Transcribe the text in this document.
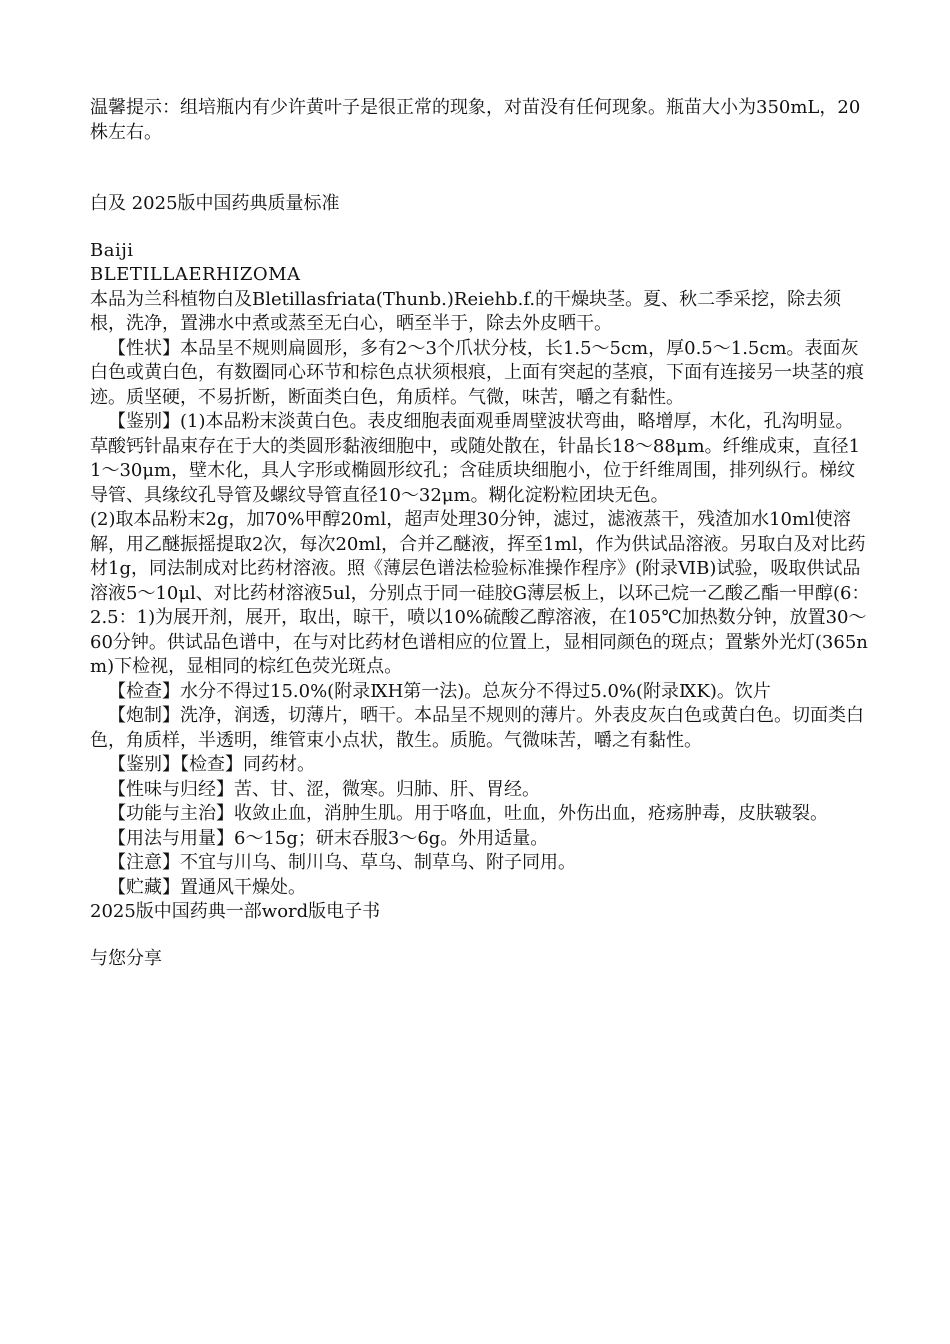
温馨提示：组培瓶内有少许黄叶子是很正常的现象，对苗没有任何现象。瓶苗大小为350mL，20株左右。

白及 2025版中国药典质量标准

Baiji

BLETILLAERHIZOMA

本品为兰科植物白及Bletillasfriata(Thunb.)Reiehb.f.的干燥块茎。夏、秋二季采挖，除去须根，洗净，置沸水中煮或蒸至无白心，晒至半于，除去外皮晒干。

【性状】本品呈不规则扁圆形，多有2～3个爪状分枝，长1.5～5cm，厚0.5～1.5cm。表面灰白色或黄白色，有数圈同心环节和棕色点状须根痕，上面有突起的茎痕，下面有连接另一块茎的痕迹。质坚硬，不易折断，断面类白色，角质样。气微，味苦，嚼之有黏性。

【鉴别】(1)本品粉末淡黄白色。表皮细胞表面观垂周壁波状弯曲，略增厚，木化，孔沟明显。草酸钙针晶束存在于大的类圆形黏液细胞中，或随处散在，针晶长18～88μm。纤维成束，直径11～30μm，壁木化，具人字形或椭圆形纹孔；含硅质块细胞小，位于纤维周围，排列纵行。梯纹导管、具缘纹孔导管及螺纹导管直径10～32μm。糊化淀粉粒团块无色。

(2)取本品粉末2g，加70%甲醇20ml，超声处理30分钟，滤过，滤液蒸干，残渣加水10ml使溶解，用乙醚振摇提取2次，每次20ml，合并乙醚液，挥至1ml，作为供试品溶液。另取白及对比药材1g，同法制成对比药材溶液。照《薄层色谱法检验标准操作程序》(附录ⅥB)试验，吸取供试品溶液5～10μl、对比药材溶液5ul，分别点于同一硅胶G薄层板上，以环己烷一乙酸乙酯一甲醇(6：2.5：1)为展开剂，展开，取出，晾干，喷以10%硫酸乙醇溶液，在105℃加热数分钟，放置30～60分钟。供试品色谱中，在与对比药材色谱相应的位置上，显相同颜色的斑点；置紫外光灯(365nm)下检视，显相同的棕红色荧光斑点。

【检查】水分不得过15.0%(附录ⅨH第一法)。总灰分不得过5.0%(附录ⅨK)。饮片

【炮制】洗净，润透，切薄片，晒干。本品呈不规则的薄片。外表皮灰白色或黄白色。切面类白色，角质样，半透明，维管束小点状，散生。质脆。气微味苦，嚼之有黏性。

【鉴别】【检查】同药材。

【性味与归经】苦、甘、涩，微寒。归肺、肝、胃经。

【功能与主治】收敛止血，消肿生肌。用于咯血，吐血，外伤出血，疮疡肿毒，皮肤皲裂。

【用法与用量】6～15g；研末吞服3～6g。外用适量。

【注意】不宜与川乌、制川乌、草乌、制草乌、附子同用。

【贮藏】置通风干燥处。

2025版中国药典一部word版电子书

与您分享
